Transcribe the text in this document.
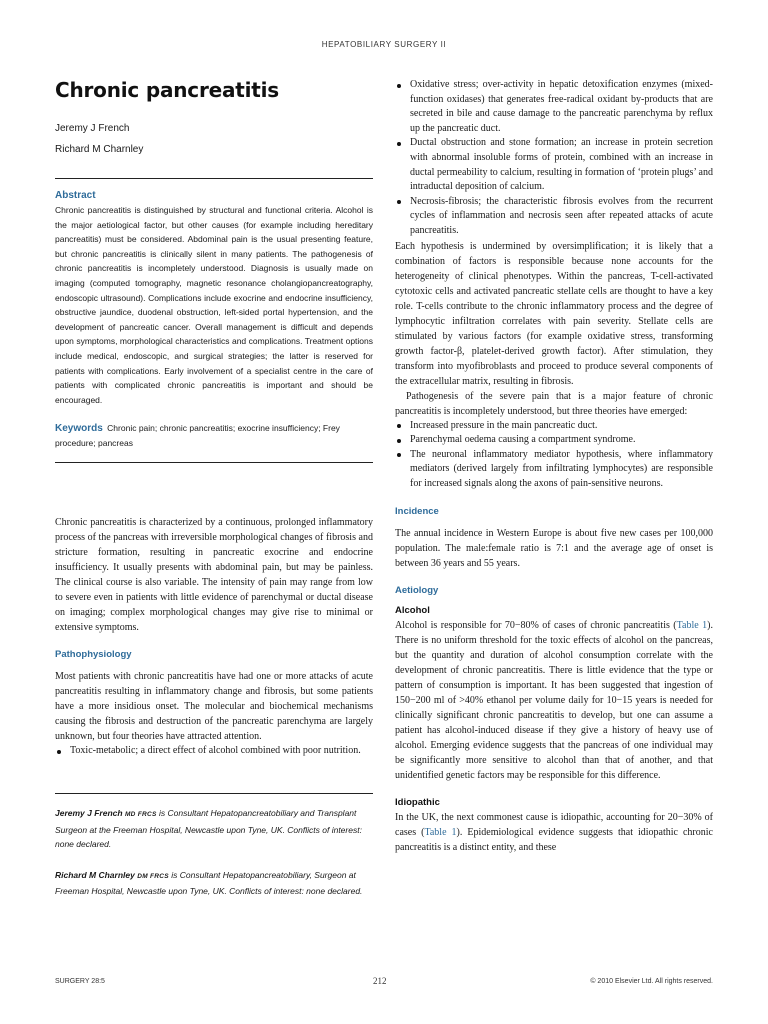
HEPATOBILIARY SURGERY II
Chronic pancreatitis
Jeremy J French
Richard M Charnley

Abstract

Chronic pancreatitis is distinguished by structural and functional criteria. Alcohol is the major aetiological factor, but other causes (for example including hereditary pancreatitis) must be considered. Abdominal pain is the usual presenting feature, but chronic pancreatitis is clinically silent in many patients. The pathogenesis of chronic pancreatitis is incompletely understood. Diagnosis is usually made on imaging (computed tomography, magnetic resonance cholangiopancreatography, endoscopic ultrasound). Complications include exocrine and endocrine insufficiency, obstructive jaundice, duodenal obstruction, left-sided portal hypertension, and the development of pancreatic cancer. Overall management is difficult and depends upon symptoms, morphological characteristics and complications. Treatment options include medical, endoscopic, and surgical strategies; the latter is reserved for patients with complications. Early involvement of a specialist centre in the care of patients with complicated chronic pancreatitis is important and should be encouraged.

Keywords Chronic pain; chronic pancreatitis; exocrine insufficiency; Frey procedure; pancreas

Chronic pancreatitis is characterized by a continuous, prolonged inflammatory process of the pancreas with irreversible morphological changes of fibrosis and stricture formation, resulting in pancreatic exocrine and endocrine insufficiency. It usually presents with abdominal pain, but may be painless. The clinical course is also variable. The intensity of pain may range from low to severe even in patients with little evidence of parenchymal or ductal disease on imaging; complex morphological changes may give rise to minimal or extensive symptoms.

Pathophysiology

Most patients with chronic pancreatitis have had one or more attacks of acute pancreatitis resulting in inflammatory change and fibrosis, but some patients have a more insidious onset. The molecular and biochemical mechanisms causing the fibrosis and destruction of the pancreatic parenchyma are largely unknown, but four theories have attracted attention.

Toxic-metabolic; a direct effect of alcohol combined with poor nutrition.

Jeremy J French MD FRCS is Consultant Hepatopancreatobiliary and Transplant Surgeon at the Freeman Hospital, Newcastle upon Tyne, UK. Conflicts of interest: none declared.

Richard M Charnley DM FRCS is Consultant Hepatopancreatobiliary, Surgeon at Freeman Hospital, Newcastle upon Tyne, UK. Conflicts of interest: none declared.

Oxidative stress; over-activity in hepatic detoxification enzymes (mixed-function oxidases) that generates free-radical oxidant by-products that are secreted in bile and cause damage to the pancreatic parenchyma by reflux up the pancreatic duct.
Ductal obstruction and stone formation; an increase in protein secretion with abnormal insoluble forms of protein, combined with an increase in ductal permeability to calcium, resulting in formation of ‘protein plugs’ and intraductal deposition of calcium.
Necrosis-fibrosis; the characteristic fibrosis evolves from the recurrent cycles of inflammation and necrosis seen after repeated attacks of acute pancreatitis.

Each hypothesis is undermined by oversimplification; it is likely that a combination of factors is responsible because none accounts for the heterogeneity of clinical phenotypes. Within the pancreas, T-cell-activated cytotoxic cells and activated pancreatic stellate cells are thought to have a key role. T-cells contribute to the chronic inflammatory process and the degree of lymphocytic infiltration correlates with pain severity. Stellate cells are stimulated by various factors (for example oxidative stress, transforming growth factor-β, platelet-derived growth factor). After stimulation, they transform into myofibroblasts and proceed to produce several components of the extracellular matrix, resulting in fibrosis.

Pathogenesis of the severe pain that is a major feature of chronic pancreatitis is incompletely understood, but three theories have emerged:

Increased pressure in the main pancreatic duct.
Parenchymal oedema causing a compartment syndrome.
The neuronal inflammatory mediator hypothesis, where inflammatory mediators (derived largely from infiltrating lymphocytes) are responsible for increased signals along the axons of pain-sensitive neurons.

Incidence

The annual incidence in Western Europe is about five new cases per 100,000 population. The male:female ratio is 7:1 and the average age of onset is between 36 years and 55 years.

Aetiology

Alcohol

Alcohol is responsible for 70−80% of cases of chronic pancreatitis (Table 1). There is no uniform threshold for the toxic effects of alcohol on the pancreas, but the quantity and duration of alcohol consumption correlate with the development of chronic pancreatitis. There is little evidence that the type or pattern of consumption is important. It has been suggested that ingestion of 150−200 ml of >40% ethanol per volume daily for 10−15 years is needed for clinically significant chronic pancreatitis to develop, but one can assume a patient has alcohol-induced disease if they give a history of heavy use of alcohol. Emerging evidence suggests that the pancreas of one individual may be significantly more sensitive to alcohol than that of another, and that unidentified genetic factors may be responsible for this difference.

Idiopathic

In the UK, the next commonest cause is idiopathic, accounting for 20−30% of cases (Table 1). Epidemiological evidence suggests that idiopathic chronic pancreatitis is a distinct entity, and these

SURGERY 28:5	212	© 2010 Elsevier Ltd. All rights reserved.
